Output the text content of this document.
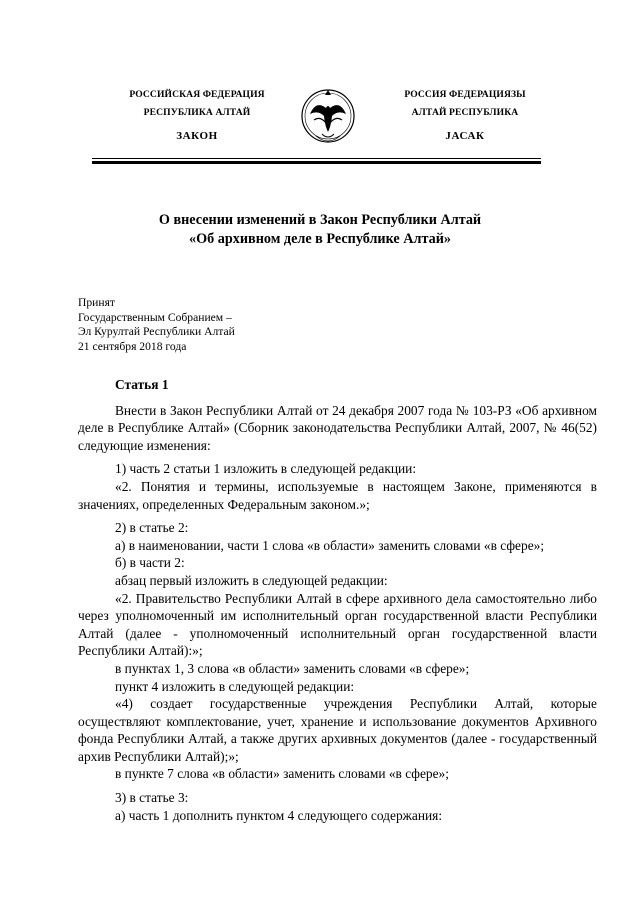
РОССИЙСКАЯ ФЕДЕРАЦИЯ
РЕСПУБЛИКА АЛТАЙ
ЗАКОН
РОССИЯ ФЕДЕРАЦИЯЗЫ
АЛТАЙ РЕСПУБЛИКА
JАСАК
О внесении изменений в Закон Республики Алтай
«Об архивном деле в Республике Алтай»
Принят
Государственным Собранием –
Эл Курултай Республики Алтай
21 сентября 2018 года
Статья 1

Внести в Закон Республики Алтай от 24 декабря 2007 года № 103-РЗ «Об архивном деле в Республике Алтай» (Сборник законодательства Республики Алтай, 2007, № 46(52) следующие изменения:

1) часть 2 статьи 1 изложить в следующей редакции:

«2. Понятия и термины, используемые в настоящем Законе, применяются в значениях, определенных Федеральным законом.»;

2) в статье 2:

а) в наименовании, части 1 слова «в области» заменить словами «в сфере»;

б) в части 2:

абзац первый изложить в следующей редакции:

«2. Правительство Республики Алтай в сфере архивного дела самостоятельно либо через уполномоченный им исполнительный орган государственной власти Республики Алтай (далее - уполномоченный исполнительный орган государственной власти Республики Алтай):»;

в пунктах 1, 3 слова «в области» заменить словами «в сфере»;

пункт 4 изложить в следующей редакции:

«4) создает государственные учреждения Республики Алтай, которые осуществляют комплектование, учет, хранение и использование документов Архивного фонда Республики Алтай, а также других архивных документов (далее - государственный архив Республики Алтай);»;

в пункте 7 слова «в области» заменить словами «в сфере»;

3) в статье 3:

а) часть 1 дополнить пунктом 4 следующего содержания:
